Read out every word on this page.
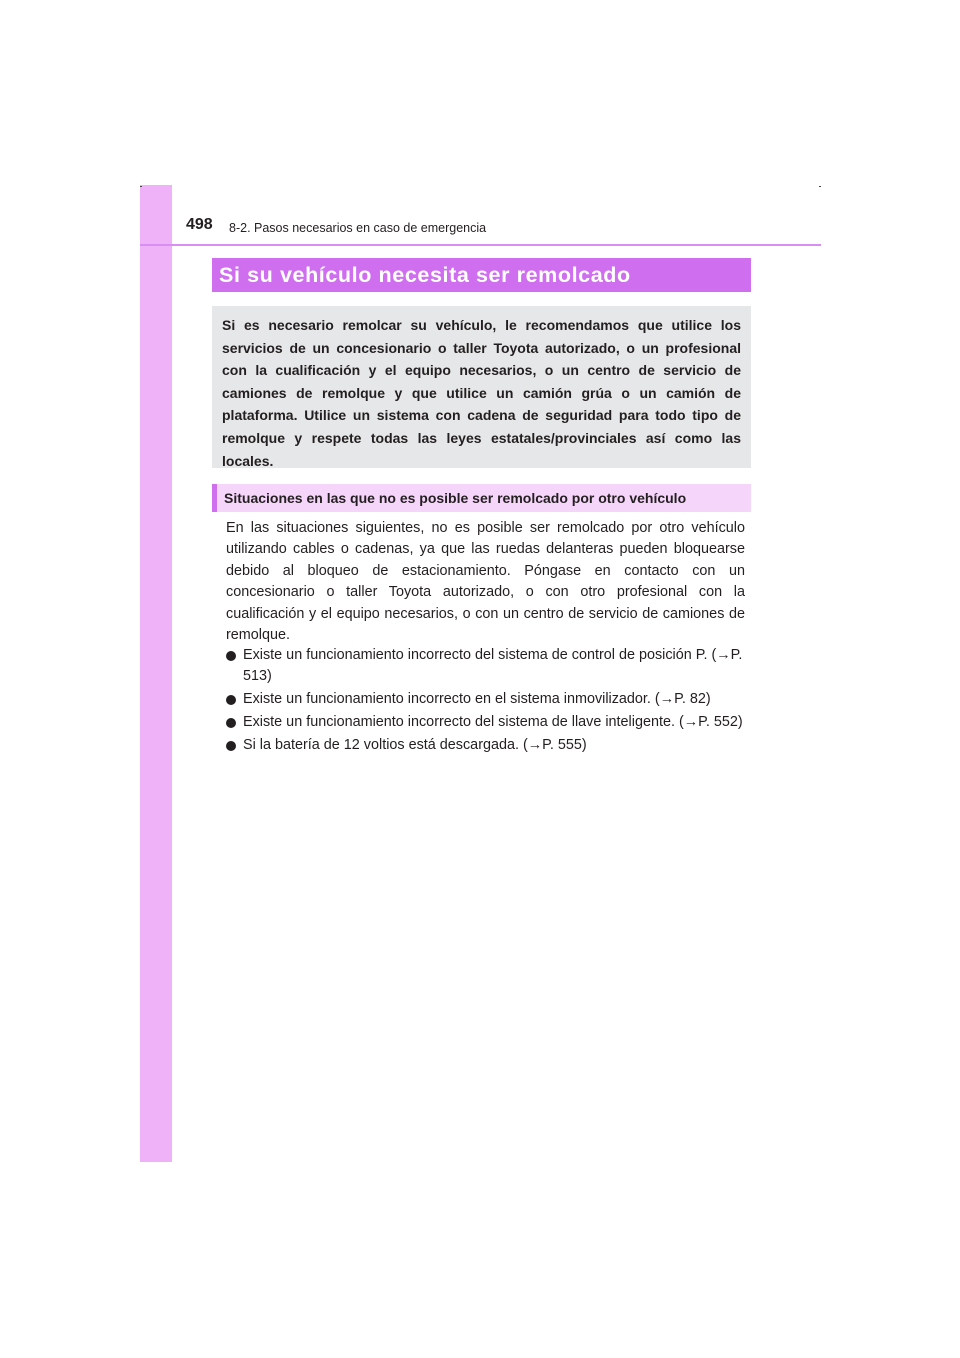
498 8-2. Pasos necesarios en caso de emergencia
Si su vehículo necesita ser remolcado
Si es necesario remolcar su vehículo, le recomendamos que utilice los servicios de un concesionario o taller Toyota autorizado, o un profesional con la cualificación y el equipo necesarios, o un centro de servicio de camiones de remolque y que utilice un camión grúa o un camión de plataforma. Utilice un sistema con cadena de seguridad para todo tipo de remolque y respete todas las leyes estatales/provinciales así como las locales.
Situaciones en las que no es posible ser remolcado por otro vehículo
En las situaciones siguientes, no es posible ser remolcado por otro vehículo utilizando cables o cadenas, ya que las ruedas delanteras pueden bloquearse debido al bloqueo de estacionamiento. Póngase en contacto con un concesionario o taller Toyota autorizado, o con otro profesional con la cualificación y el equipo necesarios, o con un centro de servicio de camiones de remolque.
Existe un funcionamiento incorrecto del sistema de control de posición P. (→P. 513)
Existe un funcionamiento incorrecto en el sistema inmovilizador. (→P. 82)
Existe un funcionamiento incorrecto del sistema de llave inteligente. (→P. 552)
Si la batería de 12 voltios está descargada. (→P. 555)
